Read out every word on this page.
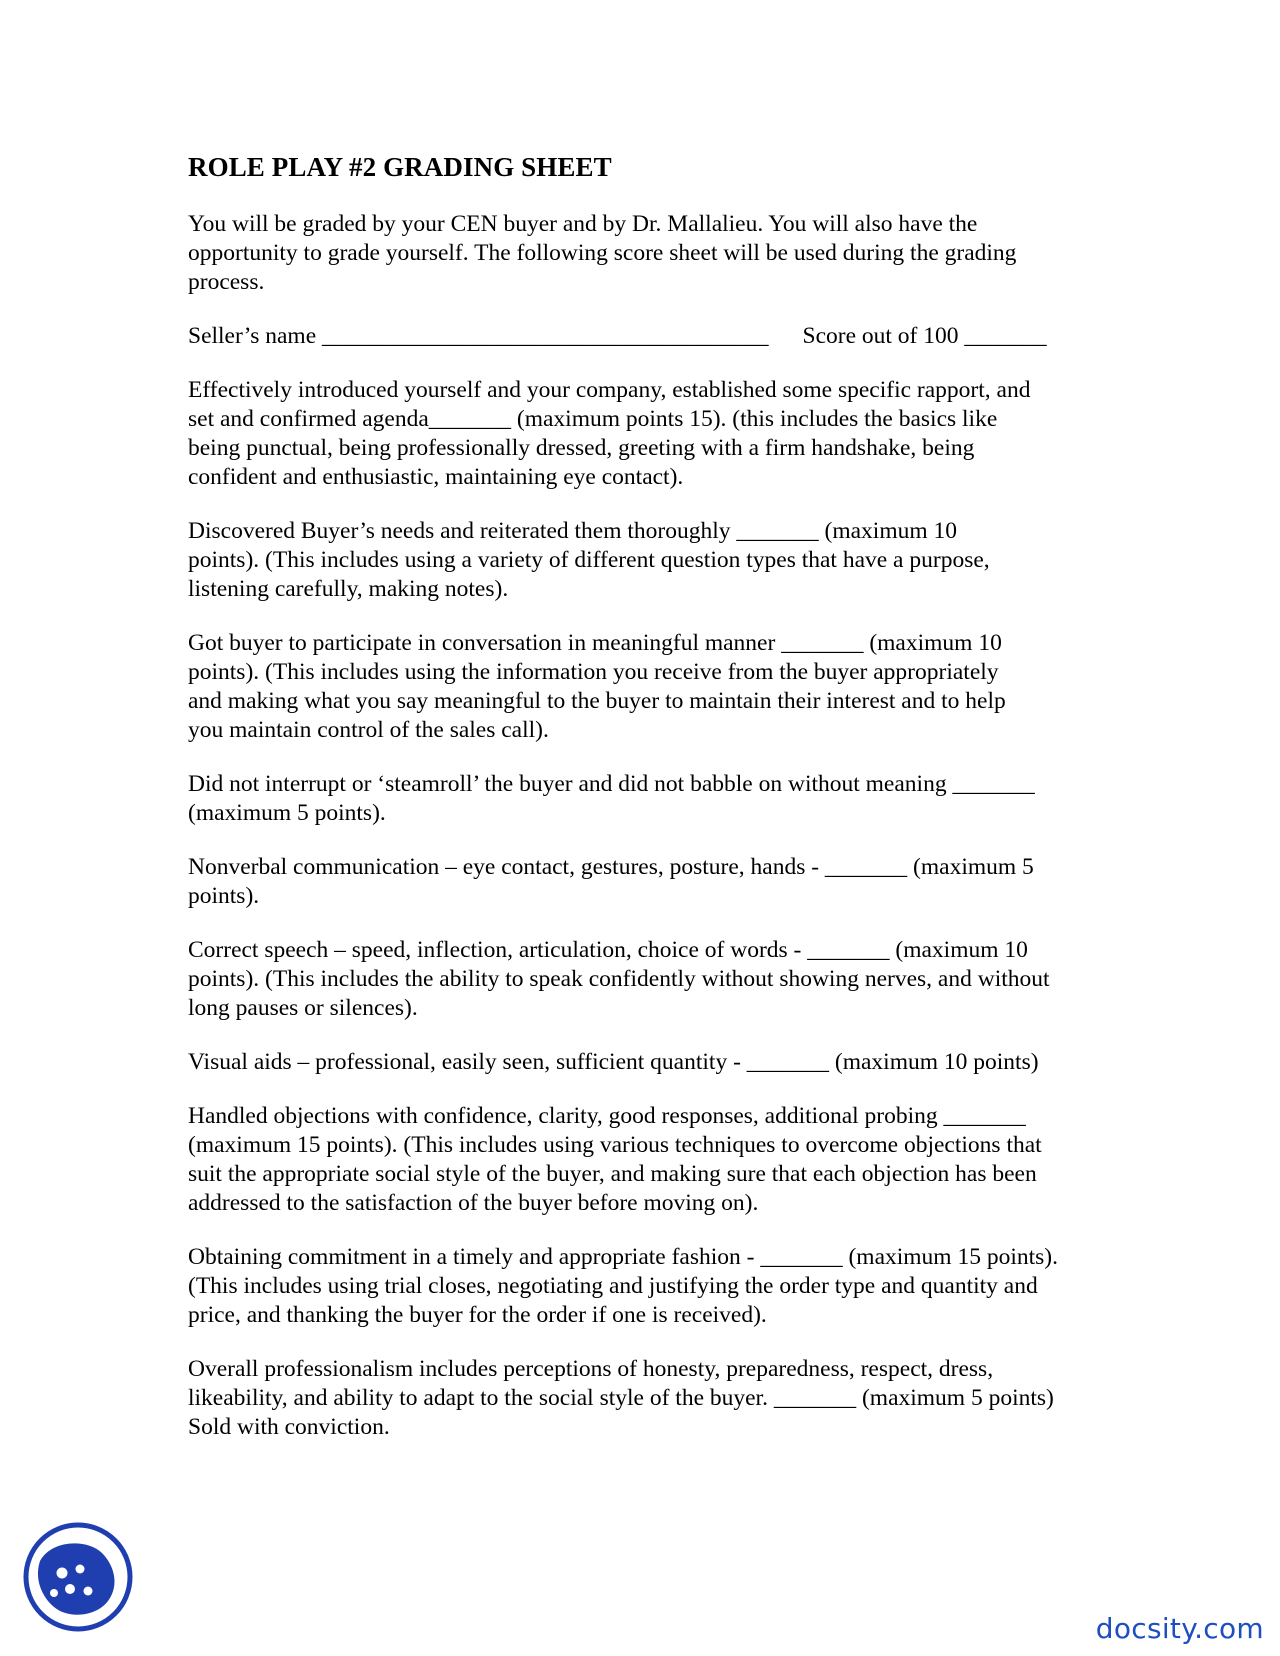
ROLE PLAY #2 GRADING SHEET
You will be graded by your CEN buyer and by Dr. Mallalieu. You will also have the
opportunity to grade yourself. The following score sheet will be used during the grading
process.
Seller’s name ______________________________________ Score out of 100 _______
Effectively introduced yourself and your company, established some specific rapport, and
set and confirmed agenda_______ (maximum points 15). (this includes the basics like
being punctual, being professionally dressed, greeting with a firm handshake, being
confident and enthusiastic, maintaining eye contact).
Discovered Buyer’s needs and reiterated them thoroughly _______ (maximum 10
points). (This includes using a variety of different question types that have a purpose,
listening carefully, making notes).
Got buyer to participate in conversation in meaningful manner _______ (maximum 10
points). (This includes using the information you receive from the buyer appropriately
and making what you say meaningful to the buyer to maintain their interest and to help
you maintain control of the sales call).
Did not interrupt or ‘steamroll’ the buyer and did not babble on without meaning _______
(maximum 5 points).
Nonverbal communication – eye contact, gestures, posture, hands - _______ (maximum 5
points).
Correct speech – speed, inflection, articulation, choice of words - _______ (maximum 10
points). (This includes the ability to speak confidently without showing nerves, and without
long pauses or silences).
Visual aids – professional, easily seen, sufficient quantity - _______ (maximum 10 points)
Handled objections with confidence, clarity, good responses, additional probing _______
(maximum 15 points). (This includes using various techniques to overcome objections that
suit the appropriate social style of the buyer, and making sure that each objection has been
addressed to the satisfaction of the buyer before moving on).
Obtaining commitment in a timely and appropriate fashion - _______ (maximum 15 points).
(This includes using trial closes, negotiating and justifying the order type and quantity and
price, and thanking the buyer for the order if one is received).
Overall professionalism includes perceptions of honesty, preparedness, respect, dress,
likeability, and ability to adapt to the social style of the buyer. _______ (maximum 5 points)
Sold with conviction.
docsity.com
